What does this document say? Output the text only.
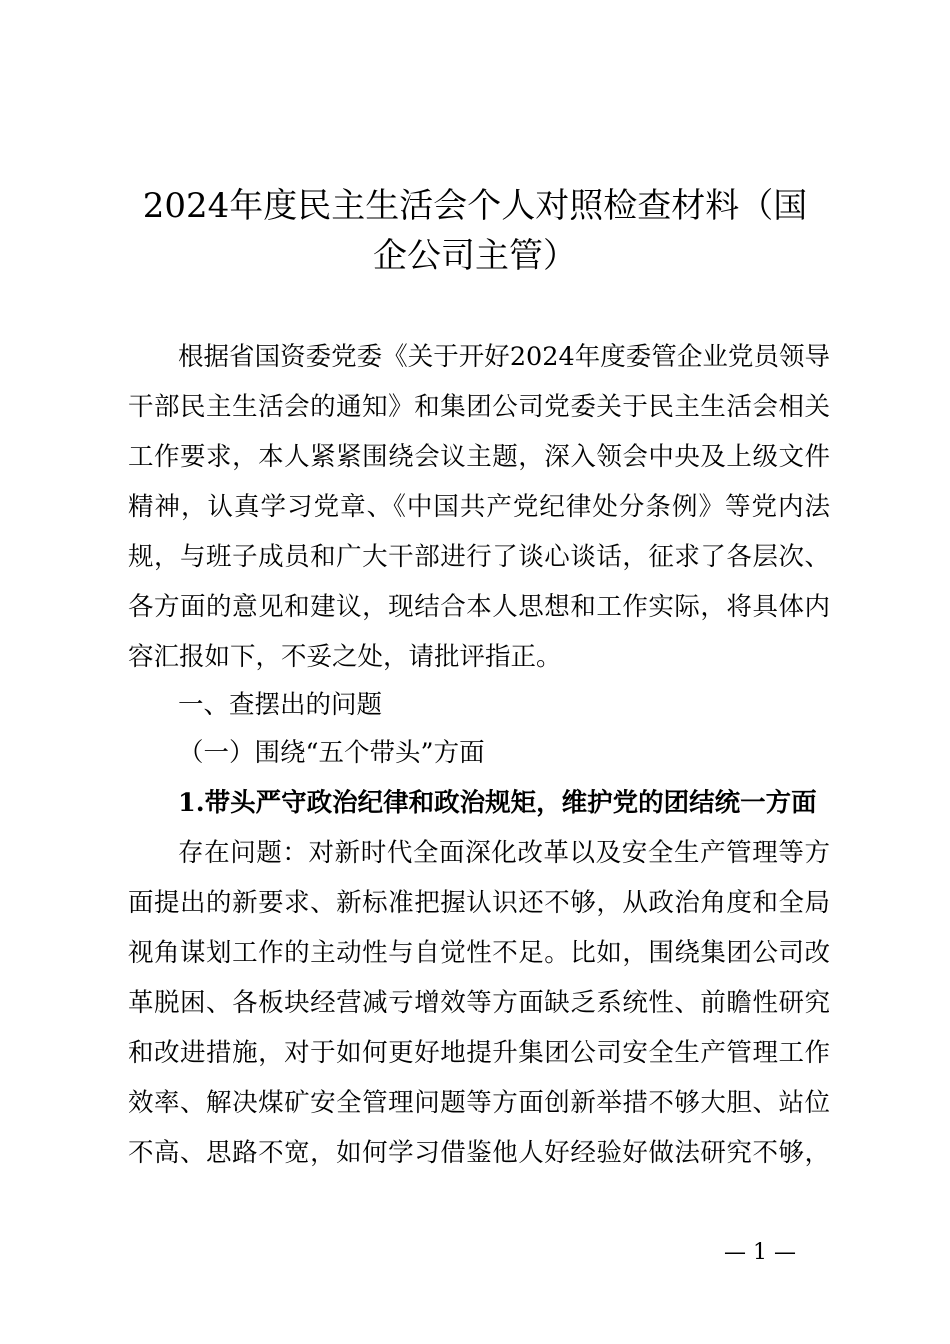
2024年度民主生活会个人对照检查材料（国
企公司主管）
根据省国资委党委《关于开好2024年度委管企业党员领导
干部民主生活会的通知》和集团公司党委关于民主生活会相关
工作要求，本人紧紧围绕会议主题，深入领会中央及上级文件
精神，认真学习党章、《中国共产党纪律处分条例》等党内法
规，与班子成员和广大干部进行了谈心谈话，征求了各层次、
各方面的意见和建议，现结合本人思想和工作实际，将具体内
容汇报如下，不妥之处，请批评指正。
一、查摆出的问题
（一）围绕“五个带头”方面
1.带头严守政治纪律和政治规矩，维护党的团结统一方面
存在问题：对新时代全面深化改革以及安全生产管理等方
面提出的新要求、新标准把握认识还不够，从政治角度和全局
视角谋划工作的主动性与自觉性不足。比如，围绕集团公司改
革脱困、各板块经营减亏增效等方面缺乏系统性、前瞻性研究
和改进措施，对于如何更好地提升集团公司安全生产管理工作
效率、解决煤矿安全管理问题等方面创新举措不够大胆、站位
不高、思路不宽，如何学习借鉴他人好经验好做法研究不够，
— 1 —
